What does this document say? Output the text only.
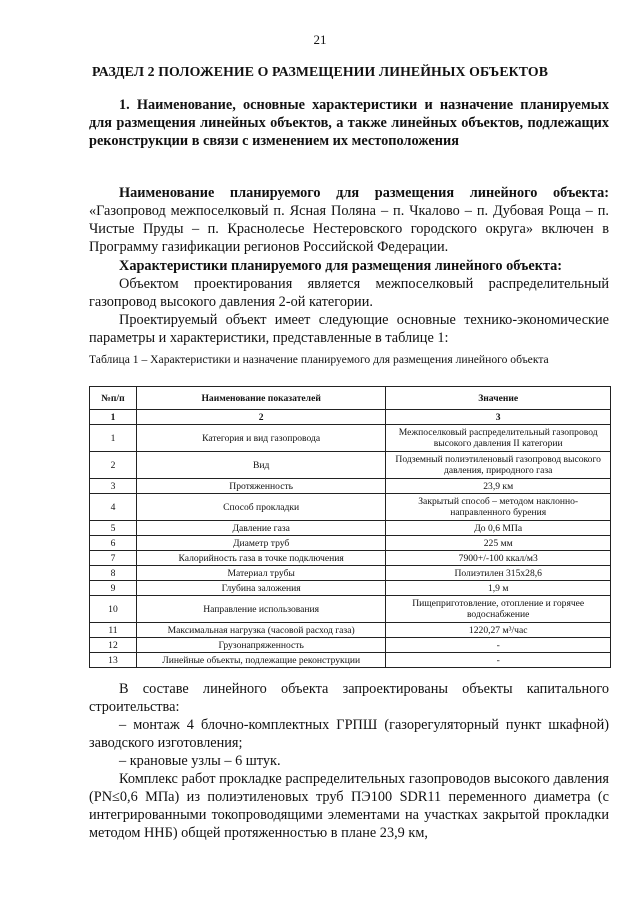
21
РАЗДЕЛ 2 ПОЛОЖЕНИЕ О РАЗМЕЩЕНИИ ЛИНЕЙНЫХ ОБЪЕКТОВ
1. Наименование, основные характеристики и назначение планируемых для размещения линейных объектов, а также линейных объектов, подлежащих реконструкции в связи с изменением их местоположения
Наименование планируемого для размещения линейного объекта: «Газопровод межпоселковый п. Ясная Поляна – п. Чкалово – п. Дубовая Роща – п. Чистые Пруды – п. Краснолесье Нестеровского городского округа» включен в Программу газификации регионов Российской Федерации.
Характеристики планируемого для размещения линейного объекта:
Объектом проектирования является межпоселковый распределительный газопровод высокого давления 2-ой категории.
Проектируемый объект имеет следующие основные технико-экономические параметры и характеристики, представленные в таблице 1:
Таблица 1 – Характеристики и назначение планируемого для размещения линейного объекта
№п/п	Наименование показателей	Значение
1	2	3
1	Категория и вид газопровода	Межпоселковый распределительный газопровод высокого давления II категории
2	Вид	Подземный полиэтиленовый газопровод высокого давления, природного газа
3	Протяженность	23,9 км
4	Способ прокладки	Закрытый способ – методом наклонно-направленного бурения
5	Давление газа	До 0,6 МПа
6	Диаметр труб	225 мм
7	Калорийность газа в точке подключения	7900+/-100 ккал/м3
8	Материал трубы	Полиэтилен 315х28,6
9	Глубина заложения	1,9 м
10	Направление использования	Пищеприготовление, отопление и горячее водоснабжение
11	Максимальная нагрузка (часовой расход газа)	1220,27 м³/час
12	Грузонапряженность	-
13	Линейные объекты, подлежащие реконструкции	-
В составе линейного объекта запроектированы объекты капитального строительства:
– монтаж 4 блочно-комплектных ГРПШ (газорегуляторный пункт шкафной) заводского изготовления;
– крановые узлы – 6 штук.
Комплекс работ прокладке распределительных газопроводов высокого давления (PN≤0,6 МПа) из полиэтиленовых труб ПЭ100 SDR11 переменного диаметра (с интегрированными токопроводящими элементами на участках закрытой прокладки методом ННБ) общей протяженностью в плане 23,9 км,
